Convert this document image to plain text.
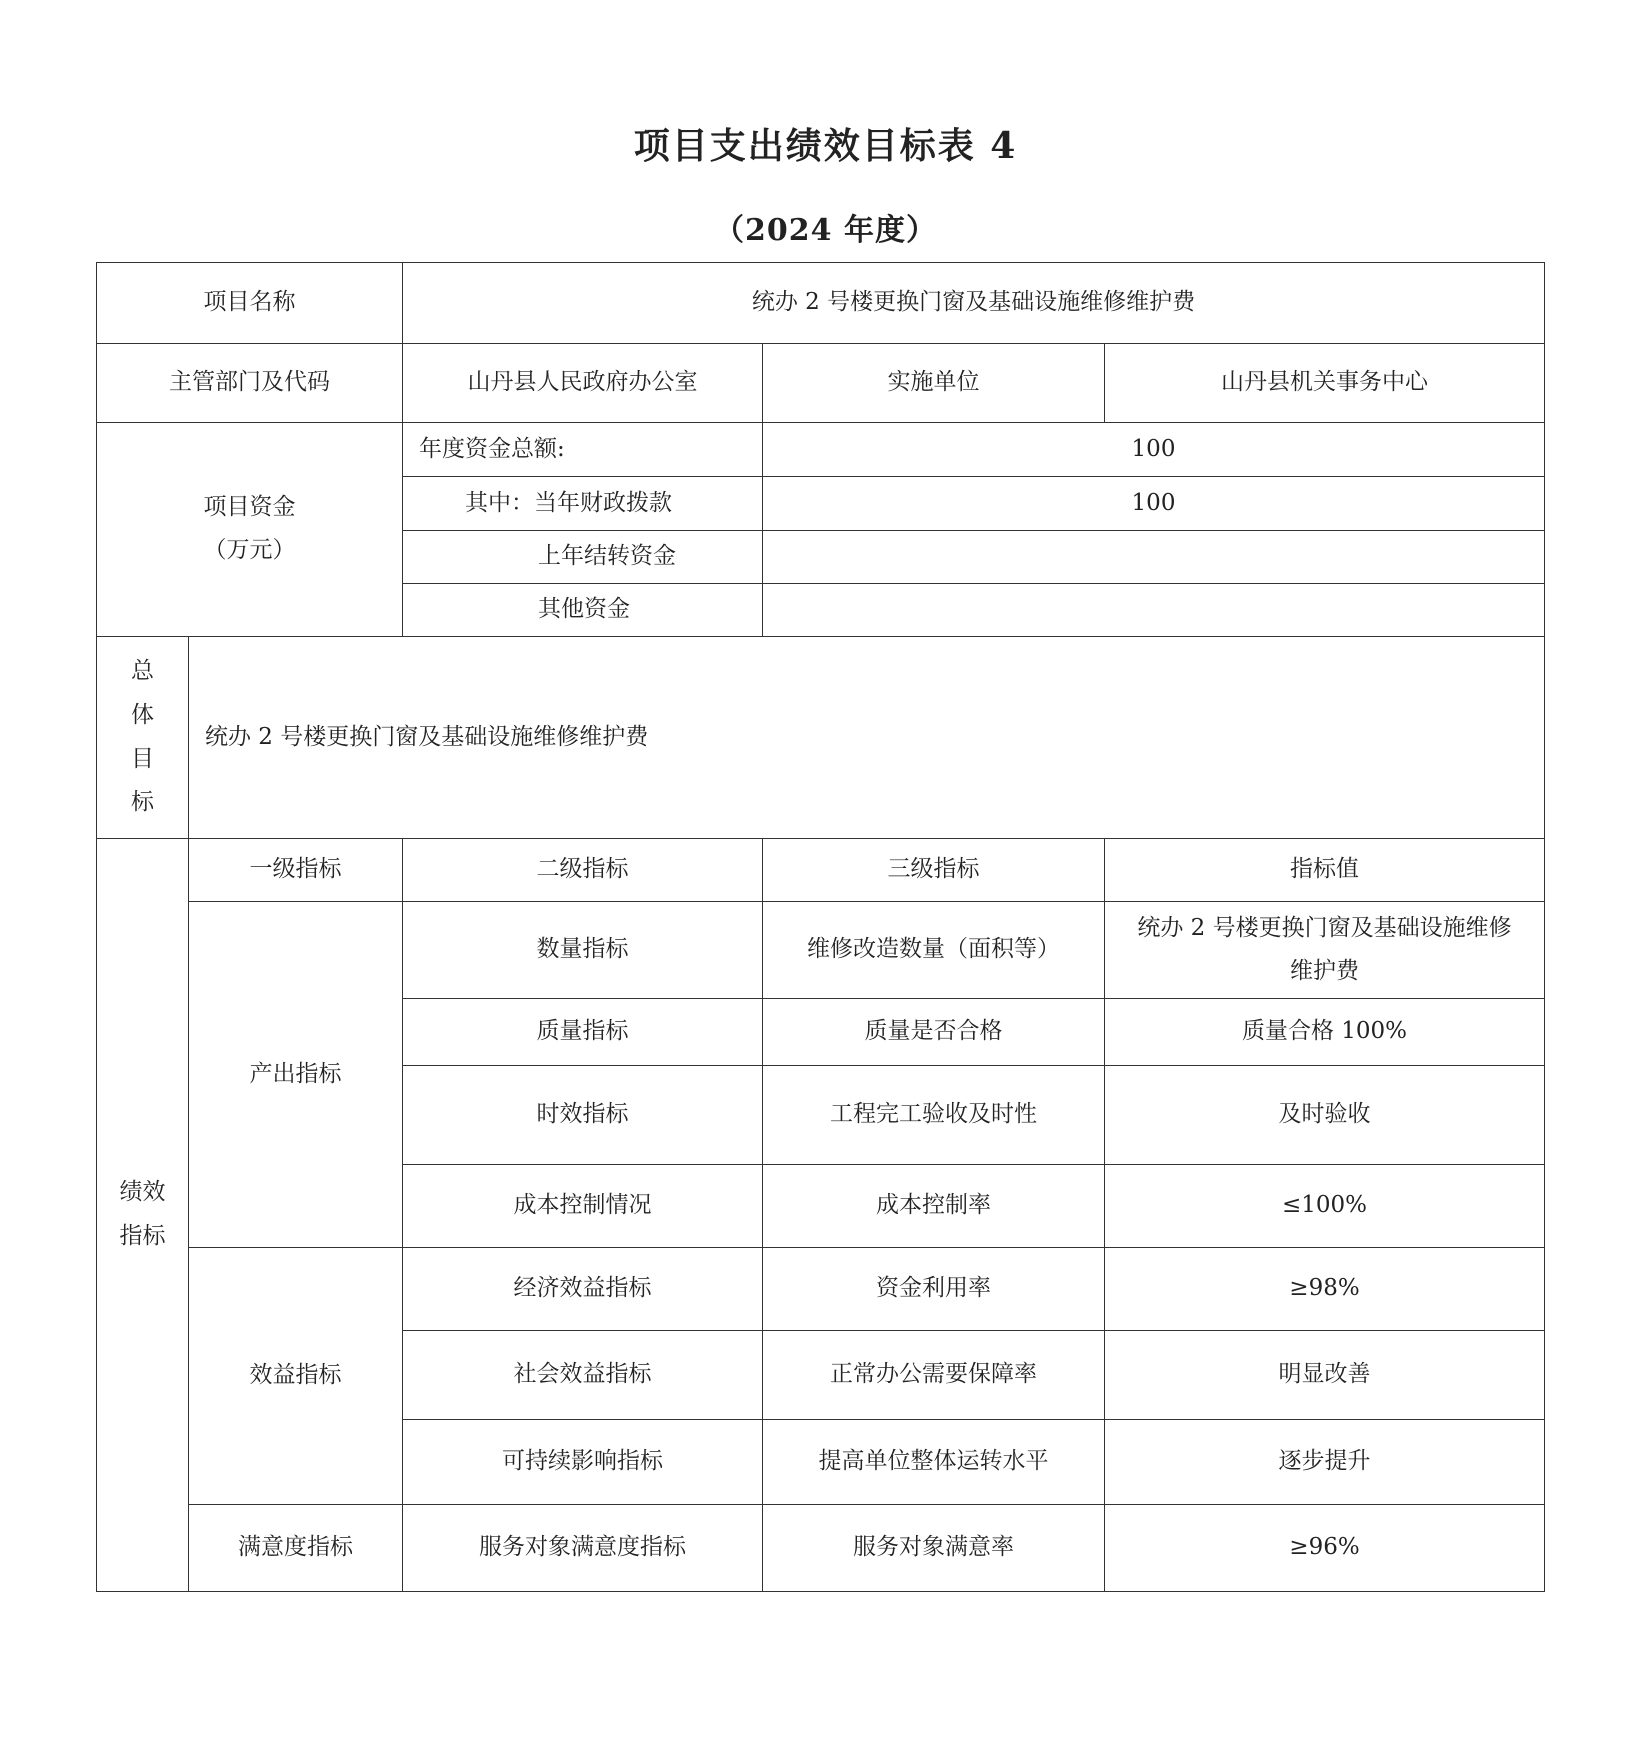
项目支出绩效目标表 4
（2024 年度）
项目名称		统办 2 号楼更换门窗及基础设施维修维护费		
主管部门及代码		山丹县人民政府办公室	实施单位	山丹县机关事务中心

项目资金
（万元）		年度资金总额:	100	
		其中：当年财政拨款	100	
		上年结转资金		
		其他资金		

总
体
目
标	统办 2 号楼更换门窗及基础设施维修维护费			

绩效
指标	一级指标	二级指标	三级指标	指标值
	产出指标	数量指标	维修改造数量（面积等）	统办 2 号楼更换门窗及基础设施维修
维护费

		质量指标	质量是否合格	质量合格 100%
		时效指标	工程完工验收及时性	及时验收
		成本控制情况	成本控制率	≤100%
	效益指标	经济效益指标	资金利用率	≥98%
		社会效益指标	正常办公需要保障率	明显改善
		可持续影响指标	提高单位整体运转水平	逐步提升
	满意度指标	服务对象满意度指标	服务对象满意率	≥96%
